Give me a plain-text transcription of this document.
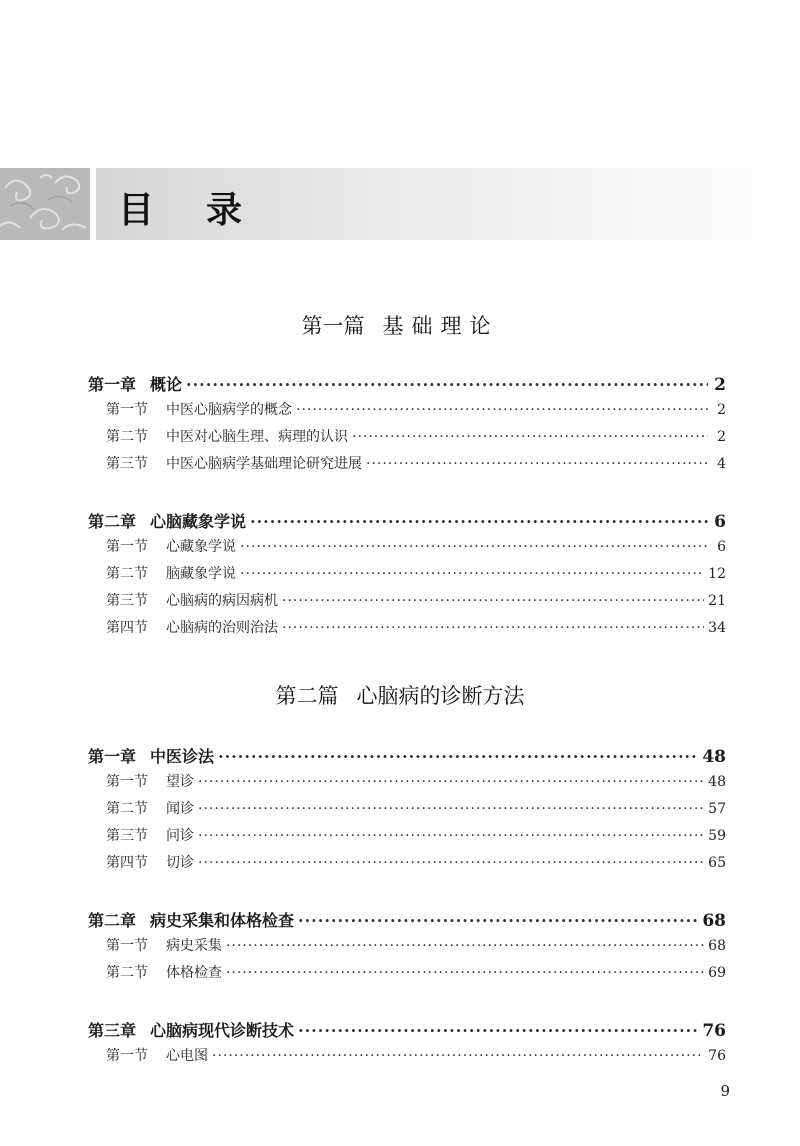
目录
第一篇 基础理论
第一章 概论 ·····	2
第一节 中医心脑病学的概念 ·····	2
第二节 中医对心脑生理、病理的认识 ·····	2
第三节 中医心脑病学基础理论研究进展 ·····	4
第二章 心脑藏象学说 ·····	6
第一节 心藏象学说 ·····	6
第二节 脑藏象学说 ·····	12
第三节 心脑病的病因病机 ·····	21
第四节 心脑病的治则治法 ·····	34
第二篇 心脑病的诊断方法
第一章 中医诊法 ·····	48
第一节 望诊 ·····	48
第二节 闻诊 ·····	57
第三节 问诊 ·····	59
第四节 切诊 ·····	65
第二章 病史采集和体格检查 ·····	68
第一节 病史采集 ·····	68
第二节 体格检查 ·····	69
第三章 心脑病现代诊断技术 ·····	76
第一节 心电图 ·····	76
9
